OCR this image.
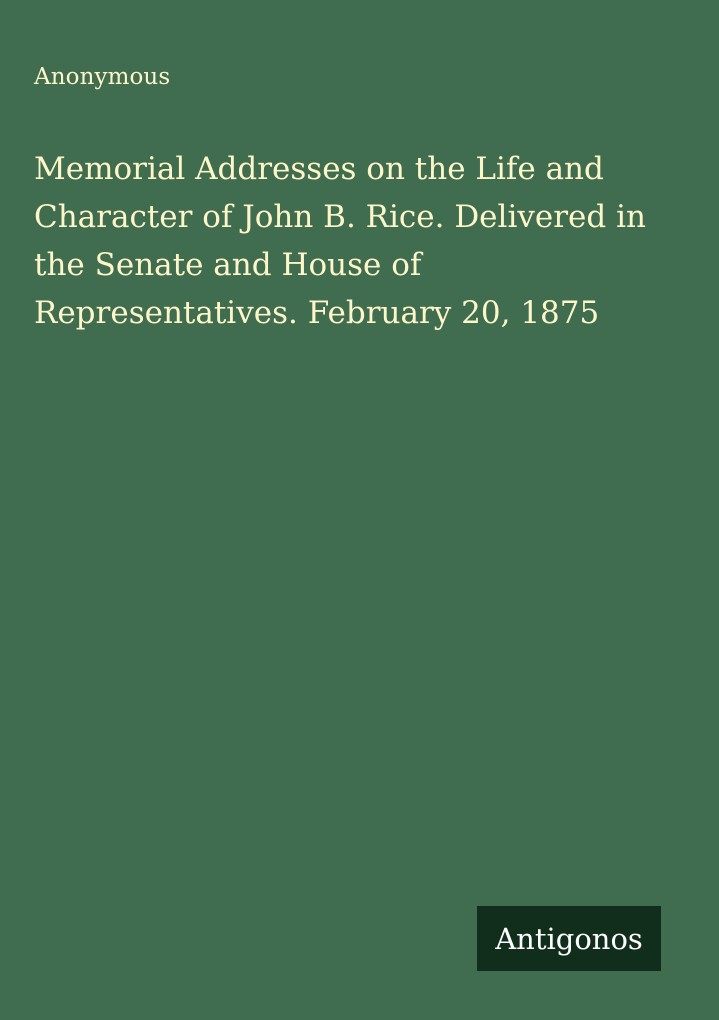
Anonymous
Memorial Addresses on the Life and
Character of John B. Rice. Delivered in
the Senate and House of
Representatives. February 20, 1875
Antigonos
